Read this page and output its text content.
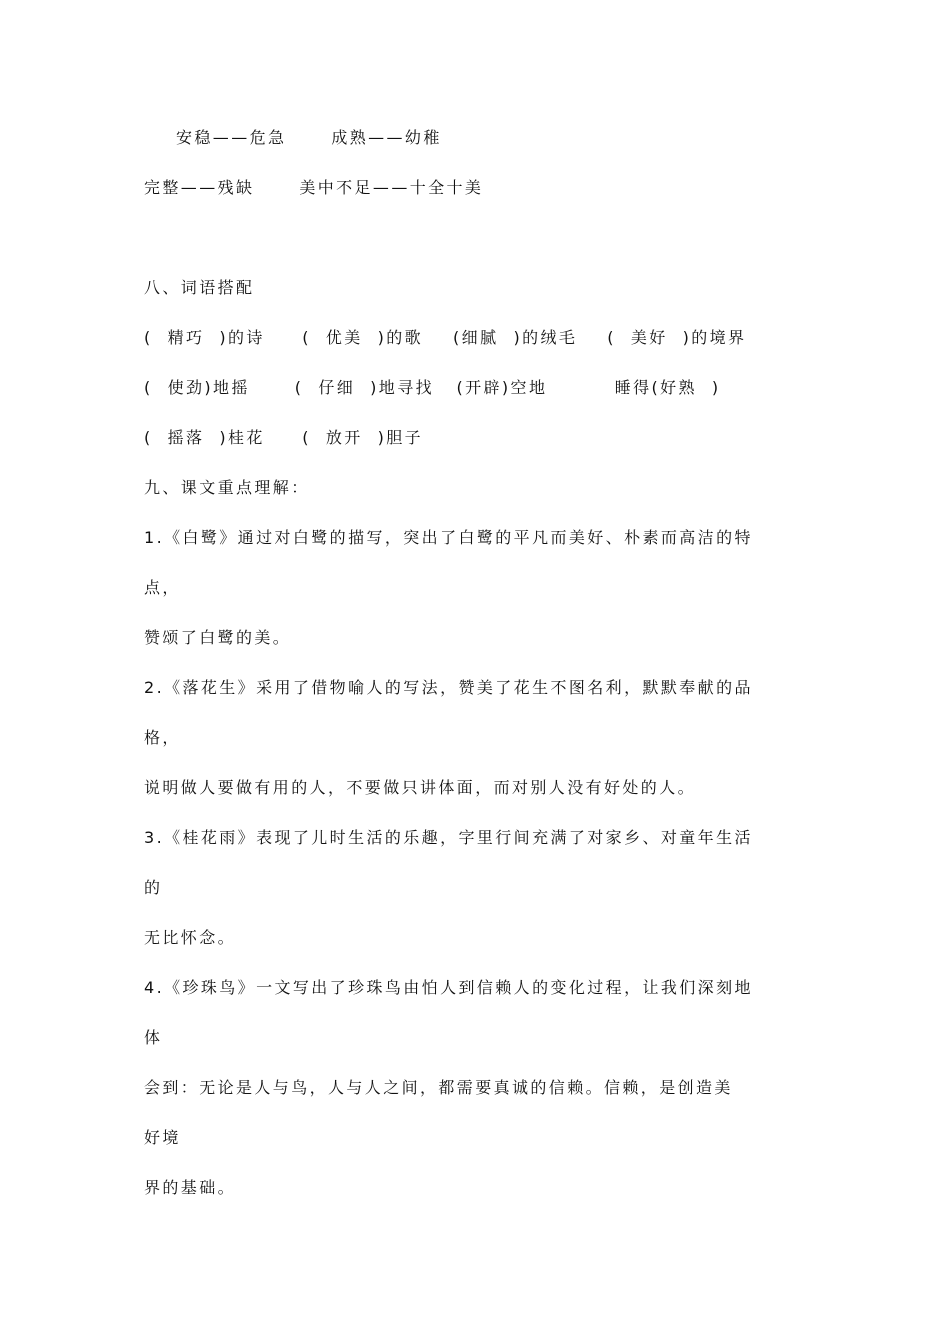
安稳——危急      成熟——幼稚
完整——残缺      美中不足——十全十美
八、词语搭配
(  精巧  )的诗     (  优美  )的歌    (细腻  )的绒毛    (  美好  )的境界
(  使劲)地摇      (  仔细  )地寻找   (开辟)空地         睡得(好熟  )
(  摇落  )桂花     (  放开  )胆子
九、课文重点理解：
1.《白鹭》通过对白鹭的描写，突出了白鹭的平凡而美好、朴素而高洁的特
点，
赞颂了白鹭的美。
2.《落花生》采用了借物喻人的写法，赞美了花生不图名利，默默奉献的品
格，
说明做人要做有用的人，不要做只讲体面，而对别人没有好处的人。
3.《桂花雨》表现了儿时生活的乐趣，字里行间充满了对家乡、对童年生活
的
无比怀念。
4.《珍珠鸟》一文写出了珍珠鸟由怕人到信赖人的变化过程，让我们深刻地
体
会到：无论是人与鸟，人与人之间，都需要真诚的信赖。信赖，是创造美
好境
界的基础。
